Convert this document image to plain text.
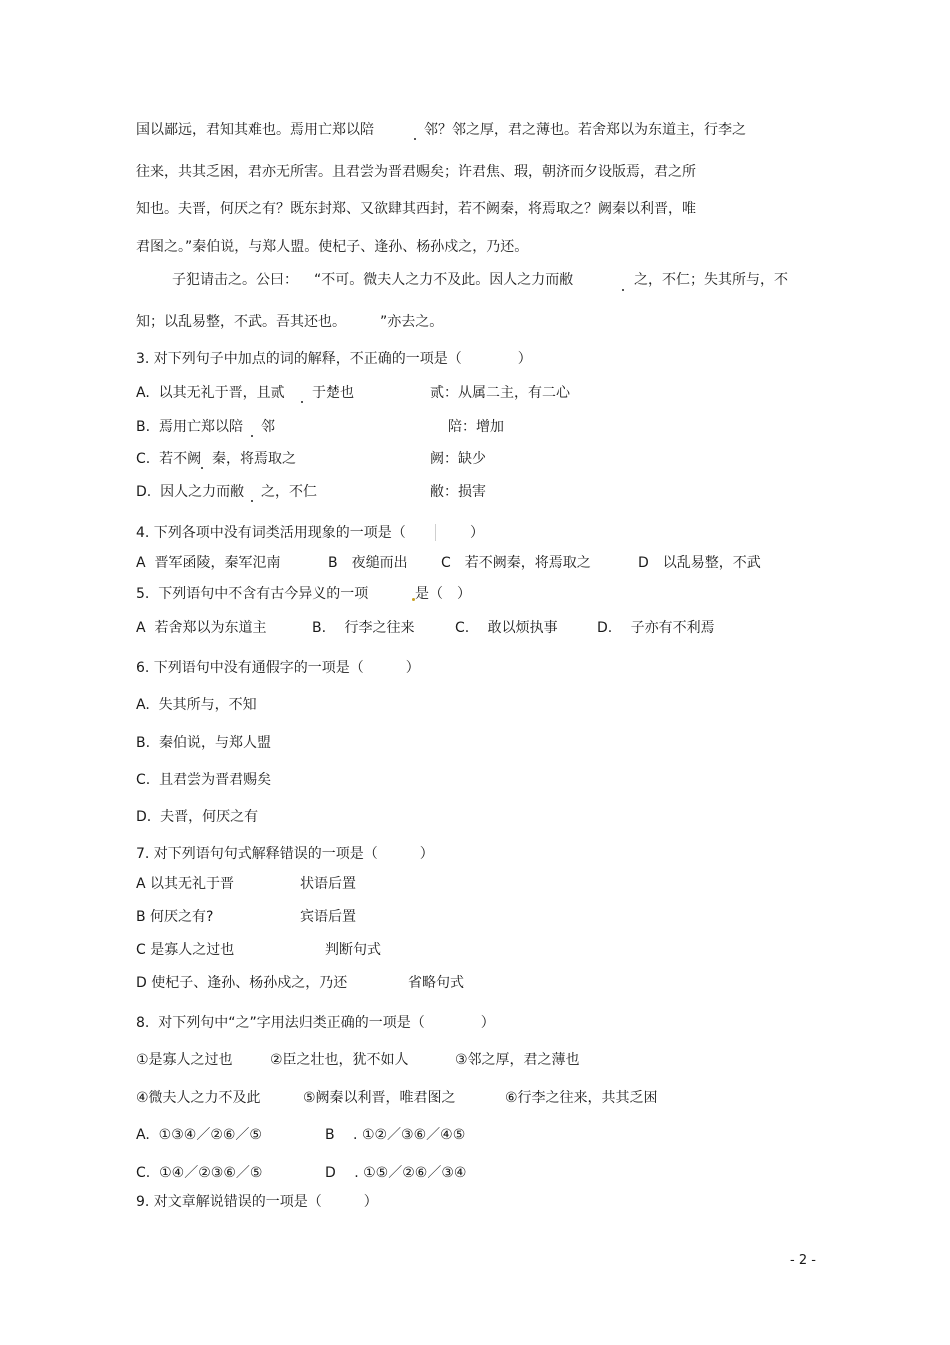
国以鄙远，君知其难也。焉用亡郑以陪	邻？邻之厚，君之薄也。若舍郑以为东道主，行李之
往来，共其乏困，君亦无所害。且君尝为晋君赐矣；许君焦、瑕，朝济而夕设版焉，君之所
知也。夫晋，何厌之有？既东封郑、又欲肆其西封，若不阙秦，将焉取之？阙秦以利晋，唯
君图之。”秦伯说，与郑人盟。使杞子、逢孙、杨孙戍之，乃还。
子犯请击之。公曰： “不可。微夫人之力不及此。因人之力而敝	之，不仁；失其所与，不
知；以乱易整，不武。吾其还也。 ”亦去之。
3. 对下列句子中加点的词的解释，不正确的一项是（　　　　）
A.  以其无礼于晋，且贰 于楚也	贰：从属二主，有二心
B.  焉用亡郑以陪 邻	陪：增加
C.  若不阙 秦，将焉取之	阙：缺少
D.  因人之力而敝 之，不仁	敝：损害
4. 下列各项中没有词类活用现象的一项是（	）
A  晋军函陵，秦军氾南	B　夜缒而出 C　若不阙秦，将焉取之	D　以乱易整，不武
5.  下列语句中不含有古今异义的一项	是（　）
A  若舍郑以为东道主	B.　 行李之往来	C.　 敢以烦执事	D.　 子亦有不利焉
6. 下列语句中没有通假字的一项是（　　　）
A.  失其所与，不知
B.  秦伯说，与郑人盟
C.  且君尝为晋君赐矣
D.  夫晋，何厌之有
7. 对下列语句句式解释错误的一项是（　　　）
A 以其无礼于晋	状语后置
B 何厌之有?	宾语后置
C 是寡人之过也	判断句式
D 使杞子、逢孙、杨孙戍之，乃还	省略句式
8.  对下列句中“之”字用法归类正确的一项是（　　　　）
①是寡人之过也	②臣之壮也，犹不如人	③邻之厚，君之薄也
④微夫人之力不及此	⑤阙秦以利晋，唯君图之	⑥行李之往来，共其乏困
A.  ①③④／②⑥／⑤	B　 . ①②／③⑥／④⑤
C.  ①④／②③⑥／⑤	D　 . ①⑤／②⑥／③④
9. 对文章解说错误的一项是（　　　）
- 2 -
